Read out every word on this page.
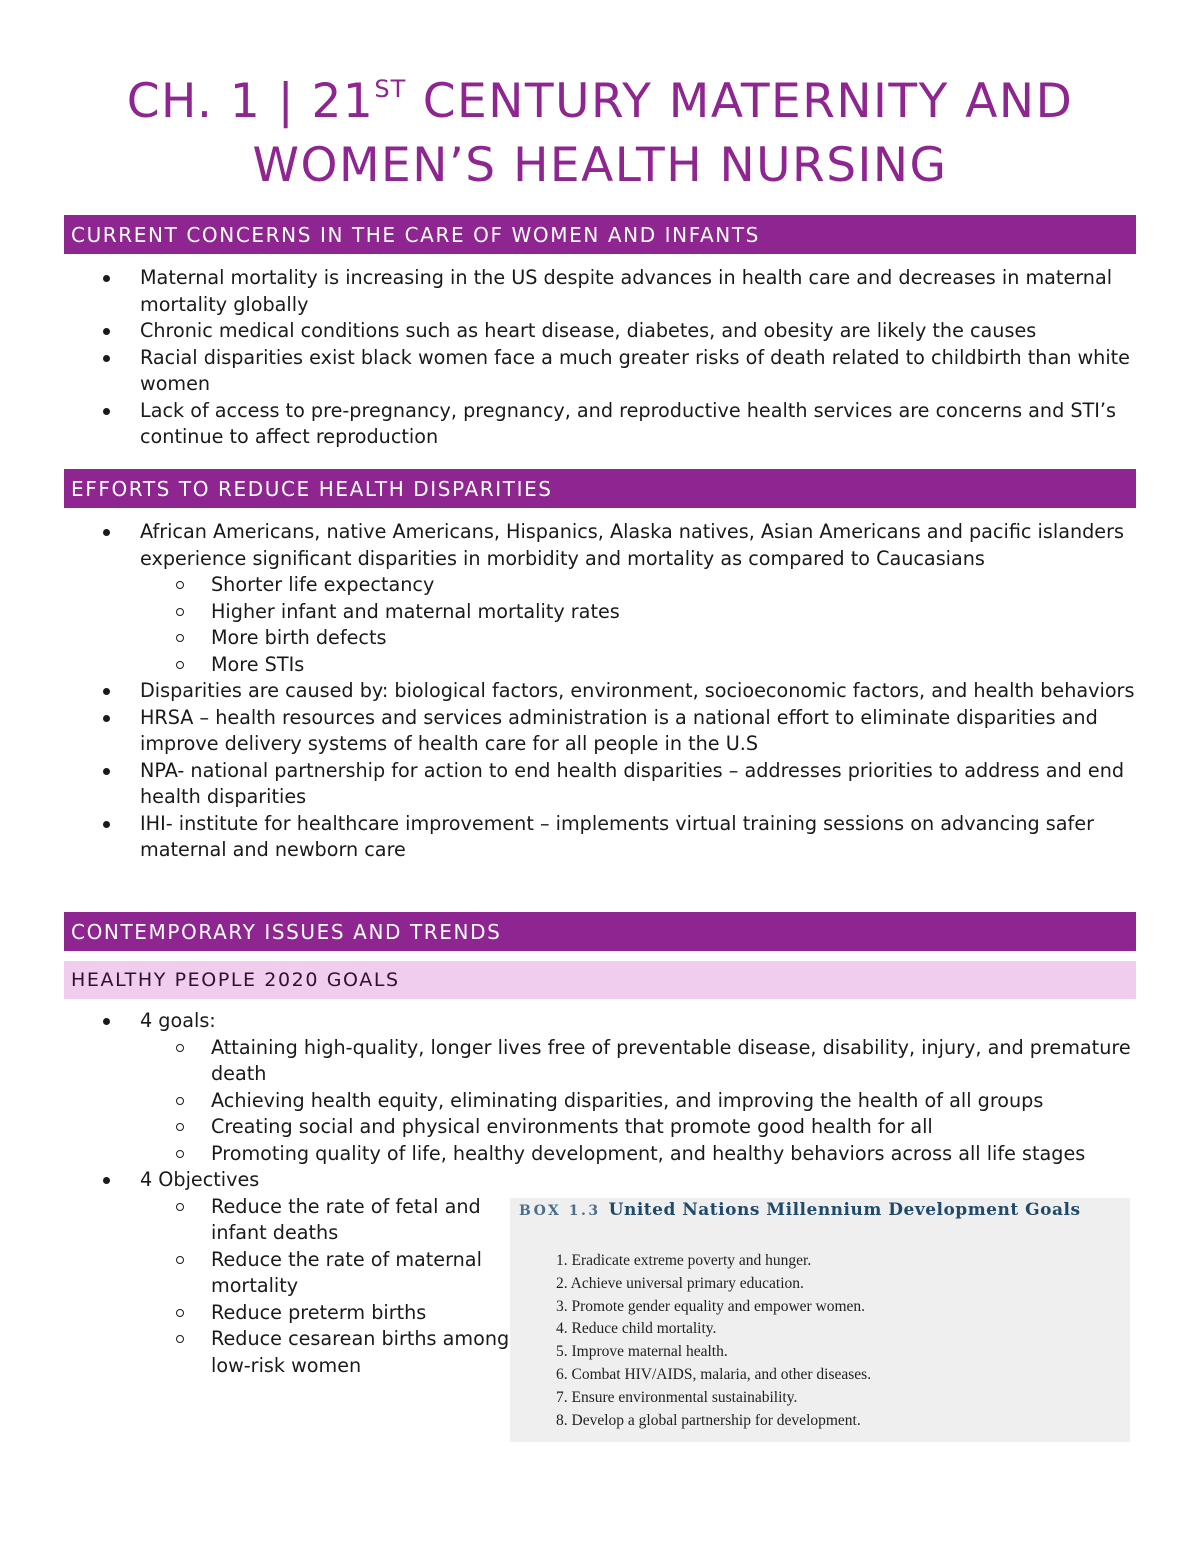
CH. 1 | 21ST CENTURY MATERNITY AND
WOMEN’S HEALTH NURSING
CURRENT CONCERNS IN THE CARE OF WOMEN AND INFANTS
Maternal mortality is increasing in the US despite advances in health care and decreases in maternal mortality globally
Chronic medical conditions such as heart disease, diabetes, and obesity are likely the causes
Racial disparities exist black women face a much greater risks of death related to childbirth than white women
Lack of access to pre-pregnancy, pregnancy, and reproductive health services are concerns and STI’s continue to affect reproduction
EFFORTS TO REDUCE HEALTH DISPARITIES
African Americans, native Americans, Hispanics, Alaska natives, Asian Americans and pacific islanders experience significant disparities in morbidity and mortality as compared to Caucasians
Shorter life expectancy
Higher infant and maternal mortality rates
More birth defects
More STIs
Disparities are caused by: biological factors, environment, socioeconomic factors, and health behaviors
HRSA – health resources and services administration is a national effort to eliminate disparities and improve delivery systems of health care for all people in the U.S
NPA- national partnership for action to end health disparities – addresses priorities to address and end health disparities
IHI- institute for healthcare improvement – implements virtual training sessions on advancing safer maternal and newborn care
CONTEMPORARY ISSUES AND TRENDS
HEALTHY PEOPLE 2020 GOALS
4 goals:
Attaining high-quality, longer lives free of preventable disease, disability, injury, and premature death
Achieving health equity, eliminating disparities, and improving the health of all groups
Creating social and physical environments that promote good health for all
Promoting quality of life, healthy development, and healthy behaviors across all life stages
4 Objectives
Reduce the rate of fetal and infant deaths
Reduce the rate of maternal mortality
Reduce preterm births
Reduce cesarean births among low-risk women
BOX 1.3 United Nations Millennium Development Goals
1. Eradicate extreme poverty and hunger.
2. Achieve universal primary education.
3. Promote gender equality and empower women.
4. Reduce child mortality.
5. Improve maternal health.
6. Combat HIV/AIDS, malaria, and other diseases.
7. Ensure environmental sustainability.
8. Develop a global partnership for development.
